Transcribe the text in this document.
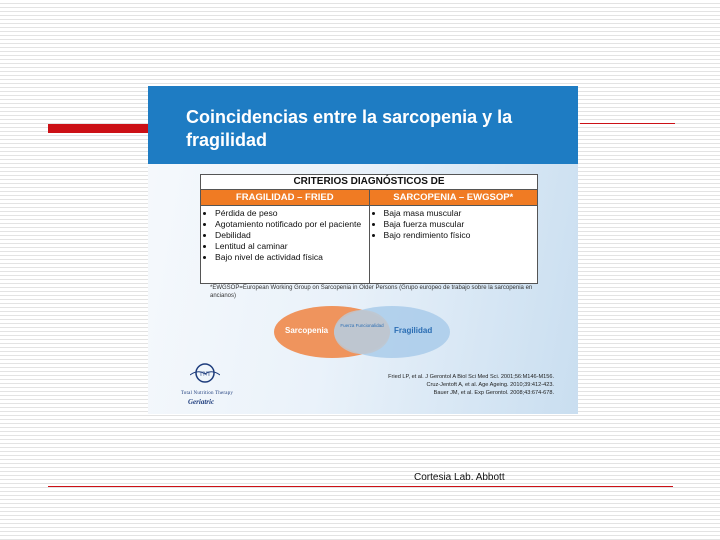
Coincidencias entre la sarcopenia y la fragilidad
CRITERIOS DIAGNÓSTICOS DE
FRAGILIDAD – FRIED
• Pérdida de peso
• Agotamiento notificado por el paciente
• Debilidad
• Lentitud al caminar
• Bajo nivel de actividad física
SARCOPENIA – EWGSOP*
• Baja masa muscular
• Baja fuerza muscular
• Bajo rendimiento físico
*EWGSOP=European Working Group on Sarcopenia in Older Persons (Grupo europeo de trabajo sobre la sarcopenia en ancianos)
Sarcopenia
Fuerza Funcionalidad
Fragilidad
Fried LP, et al. J Gerontol A Biol Sci Med Sci. 2001;56:M146-M156.
Cruz-Jentoft A, et al. Age Ageing. 2010;39:412-423.
Bauer JM, et al. Exp Gerontol. 2008;43:674-678.
TNT
Total Nutrition Therapy
Geriatric
Cortesia Lab. Abbott
